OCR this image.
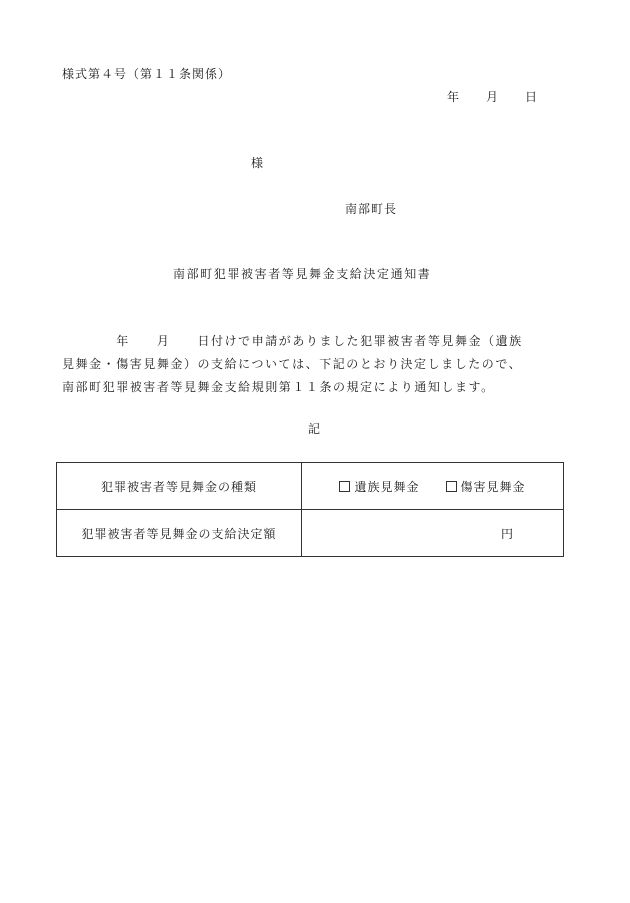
様式第４号（第１１条関係）
年　　月　　日
様
南部町長
南部町犯罪被害者等見舞金支給決定通知書
　　　　年　　月　　日付けで申請がありました犯罪被害者等見舞金（遺族
見舞金・傷害見舞金）の支給については、下記のとおり決定しましたので、
南部町犯罪被害者等見舞金支給規則第１１条の規定により通知します。
記
犯罪被害者等見舞金の種類	遺族見舞金 傷害見舞金
犯罪被害者等見舞金の支給決定額	円
